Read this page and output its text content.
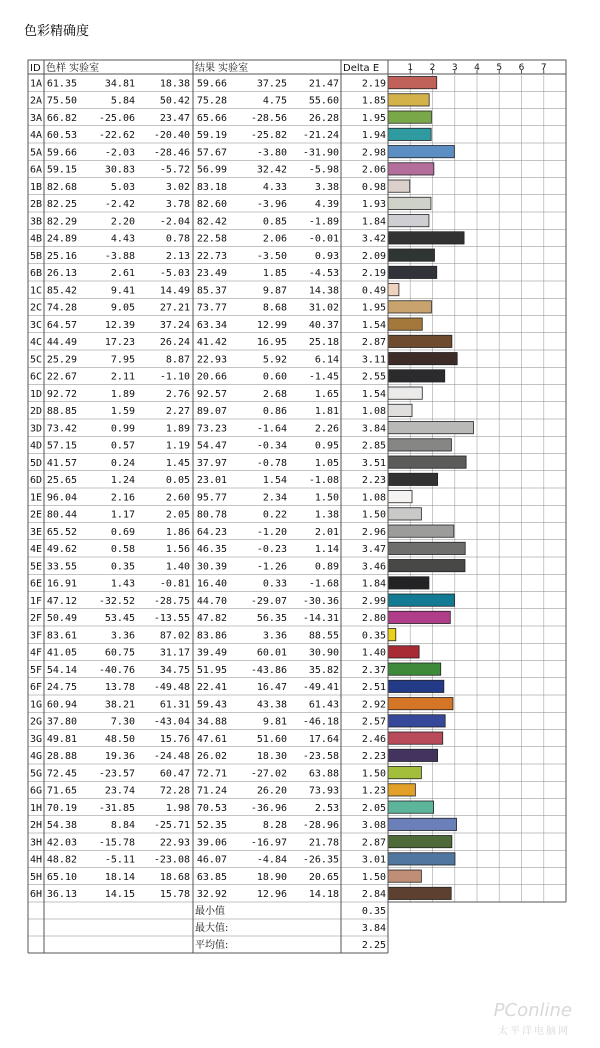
色彩精确度
ID 色样 实验室	结果 实验室	Delta E	1 2 3 4 5 6 7
1A 61.35	34.81 18.38 59.66	37.25 21.47 2.19
2A 75.50	5.84 50.42 75.28	4.75 55.60 1.85
3A 66.82 -25.06 23.47 65.66 -28.56 26.28 1.95
4A 60.53 -22.62 -20.40 59.19 -25.82 -21.24 1.94
5A 59.66	-2.03 -28.46 57.67	-3.80 -31.90 2.98
6A 59.15	30.83 -5.72 56.99	32.42 -5.98 2.06
1B 82.68	5.03	3.02 83.18	4.33	3.38 0.98
2B 82.25	-2.42	3.78 82.60	-3.96	4.39 1.93
3B 82.29	2.20 -2.04 82.42	0.85 -1.89 1.84
4B 24.89	4.43	0.78 22.58	2.06 -0.01 3.42
5B 25.16	-3.88	2.13 22.73	-3.50	0.93 2.09
6B 26.13	2.61 -5.03 23.49	1.85 -4.53 2.19
1C 85.42	9.41 14.49 85.37	9.87 14.38 0.49
2C 74.28	9.05 27.21 73.77	8.68 31.02 1.95
3C 64.57	12.39 37.24 63.34	12.99 40.37 1.54
4C 44.49	17.23 26.24 41.42	16.95 25.18 2.87
5C 25.29	7.95	8.87 22.93	5.92	6.14 3.11
6C 22.67	2.11 -1.10 20.66	0.60 -1.45 2.55
1D 92.72	1.89	2.76 92.57	2.68	1.65 1.54
2D 88.85	1.59	2.27 89.07	0.86	1.81 1.08
3D 73.42	0.99	1.89 73.23	-1.64	2.26 3.84
4D 57.15	0.57	1.19 54.47	-0.34	0.95 2.85
5D 41.57	0.24	1.45 37.97	-0.78	1.05 3.51
6D 25.65	1.24	0.05 23.01	1.54 -1.08 2.23
1E 96.04	2.16	2.60 95.77	2.34	1.50 1.08
2E 80.44	1.17	2.05 80.78	0.22	1.38 1.50
3E 65.52	0.69	1.86 64.23	-1.20	2.01 2.96
4E 49.62	0.58	1.56 46.35	-0.23	1.14 3.47
5E 33.55	0.35	1.40 30.39	-1.26	0.89 3.46
6E 16.91	1.43 -0.81 16.40	0.33 -1.68 1.84
1F 47.12 -32.52 -28.75 44.70 -29.07 -30.36 2.99
2F 50.49	53.45 -13.55 47.82	56.35 -14.31 2.80
3F 83.61	3.36 87.02 83.86	3.36 88.55 0.35
4F 41.05	60.75 31.17 39.49	60.01 30.90 1.40
5F 54.14 -40.76 34.75 51.95 -43.86 35.82 2.37
6F 24.75	13.78 -49.48 22.41	16.47 -49.41 2.51
1G 60.94	38.21 61.31 59.43	43.38 61.43 2.92
2G 37.80	7.30 -43.04 34.88	9.81 -46.18 2.57
3G 49.81	48.50 15.76 47.61	51.60 17.64 2.46
4G 28.88	19.36 -24.48 26.02	18.30 -23.58 2.23
5G 72.45 -23.57 60.47 72.71 -27.02 63.88 1.50
6G 71.65	23.74 72.28 71.24	26.20 73.93 1.23
1H 70.19 -31.85	1.98 70.53 -36.96	2.53 2.05
2H 54.38	8.84 -25.71 52.35	8.28 -28.96 3.08
3H 42.03 -15.78 22.93 39.06 -16.97 21.78 2.87
4H 48.82	-5.11 -23.08 46.07	-4.84 -26.35 3.01
5H 65.10	18.14 18.68 63.85	18.90 20.65 1.50
6H 36.13	14.15 15.78 32.92	12.96 14.18 2.84
最小值	0.35
最大值:	3.84
平均值:	2.25
PConline
太平洋电脑网
